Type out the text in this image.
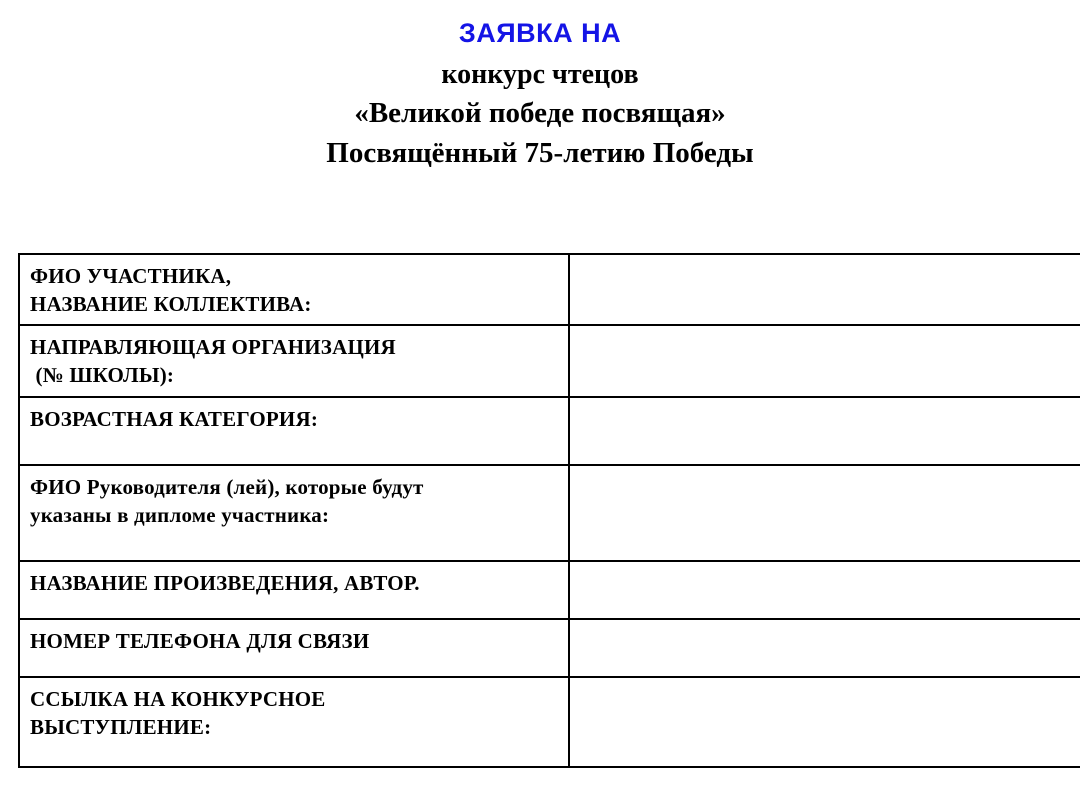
ЗАЯВКА НА
конкурс чтецов
«Великой победе посвящая»
Посвящённый 75-летию Победы
ФИО УЧАСТНИКА,
НАЗВАНИЕ КОЛЛЕКТИВА:	

НАПРАВЛЯЮЩАЯ ОРГАНИЗАЦИЯ
(№ ШКОЛЫ):	

ВОЗРАСТНАЯ КАТЕГОРИЯ:	

ФИО Руководителя (лей), которые будут
указаны в дипломе участника:	

НАЗВАНИЕ ПРОИЗВЕДЕНИЯ, АВТОР.	

НОМЕР ТЕЛЕФОНА ДЛЯ СВЯЗИ	

ССЫЛКА НА КОНКУРСНОЕ
ВЫСТУПЛЕНИЕ:	
